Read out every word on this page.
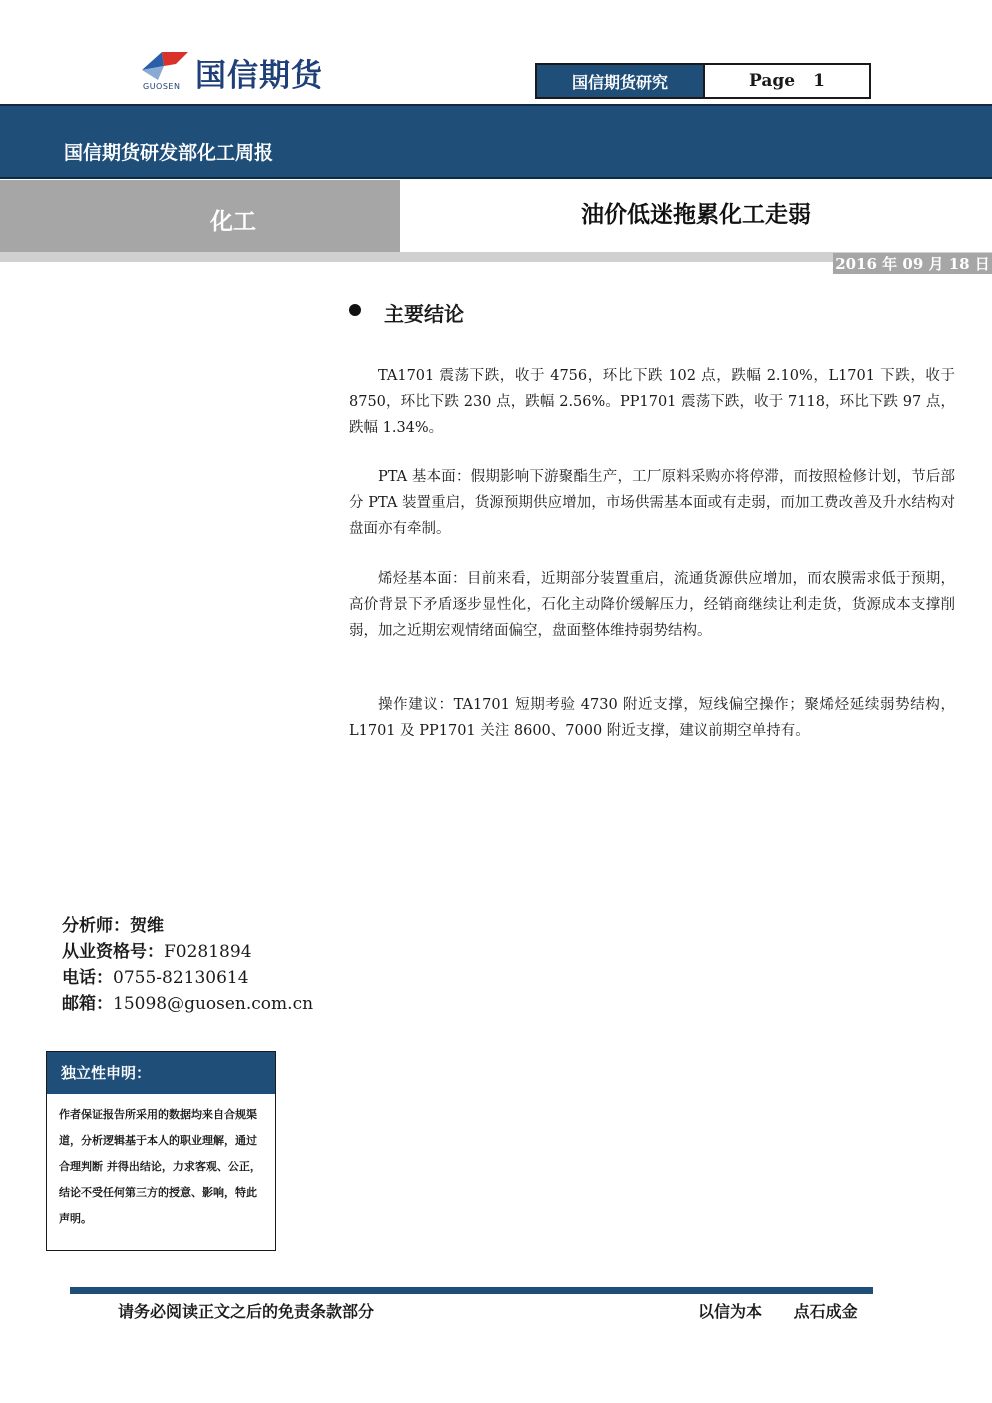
国信期货
GUOSEN	国信期货研究	Page 1
国信期货研发部化工周报
化工	油价低迷拖累化工走弱
2016 年 09 月 18 日
主要结论
TA1701 震荡下跌，收于 4756，环比下跌 102 点，跌幅 2.10%，L1701 下跌，收于 8750，环比下跌 230 点，跌幅 2.56%。PP1701 震荡下跌，收于 7118，环比下跌 97 点，跌幅 1.34%。
PTA 基本面：假期影响下游聚酯生产，工厂原料采购亦将停滞，而按照检修计划，节后部分 PTA 装置重启，货源预期供应增加，市场供需基本面或有走弱，而加工费改善及升水结构对盘面亦有牵制。
烯烃基本面：目前来看，近期部分装置重启，流通货源供应增加，而农膜需求低于预期，高价背景下矛盾逐步显性化，石化主动降价缓解压力，经销商继续让利走货，货源成本支撑削弱，加之近期宏观情绪面偏空，盘面整体维持弱势结构。
操作建议：TA1701 短期考验 4730 附近支撑，短线偏空操作；聚烯烃延续弱势结构，L1701 及 PP1701 关注 8600、7000 附近支撑，建议前期空单持有。
分析师：贺维
从业资格号：F0281894
电话：0755-82130614
邮箱：15098@guosen.com.cn
独立性申明：
作者保证报告所采用的数据均来自合规渠道，分析逻辑基于本人的职业理解，通过合理判断 并得出结论，力求客观、公正，结论不受任何第三方的授意、影响，特此声明。
请务必阅读正文之后的免责条款部分	以信为本 点石成金
